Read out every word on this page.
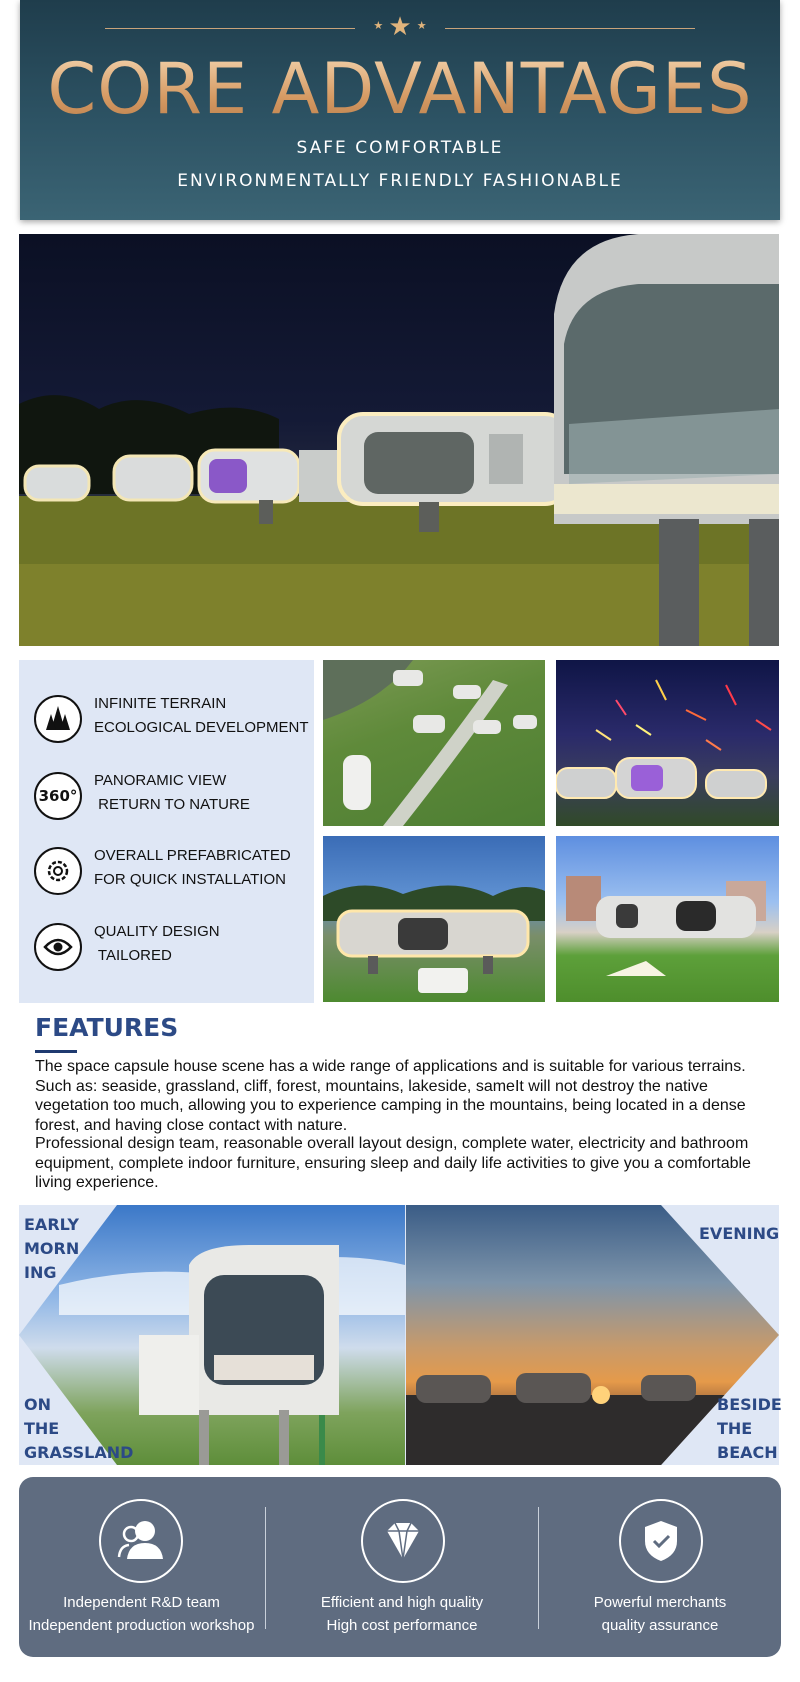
★ ★ ★
CORE ADVANTAGES
SAFE COMFORTABLE
ENVIRONMENTALLY FRIENDLY FASHIONABLE
INFINITE TERRAIN
ECOLOGICAL DEVELOPMENT
360°
PANORAMIC VIEW
RETURN TO NATURE
OVERALL PREFABRICATED
FOR QUICK INSTALLATION
QUALITY DESIGN
TAILORED
FEATURES
The space capsule house scene has a wide range of applications and is suitable for various terrains. Such as: seaside, grassland, cliff, forest, mountains, lakeside, sameIt will not destroy the native vegetation too much, allowing you to experience camping in the mountains, being located in a dense forest, and having close contact with nature.
Professional design team, reasonable overall layout design, complete water, electricity and bathroom equipment, complete indoor furniture, ensuring sleep and daily life activities to give you a comfortable living experience.
EARLY
MORN
ING
ON
THE
GRASSLAND
EVENING
BESIDE
THE
BEACH
Independent R&D team
Independent production workshop
Efficient and high quality
High cost performance
Powerful merchants
quality assurance
